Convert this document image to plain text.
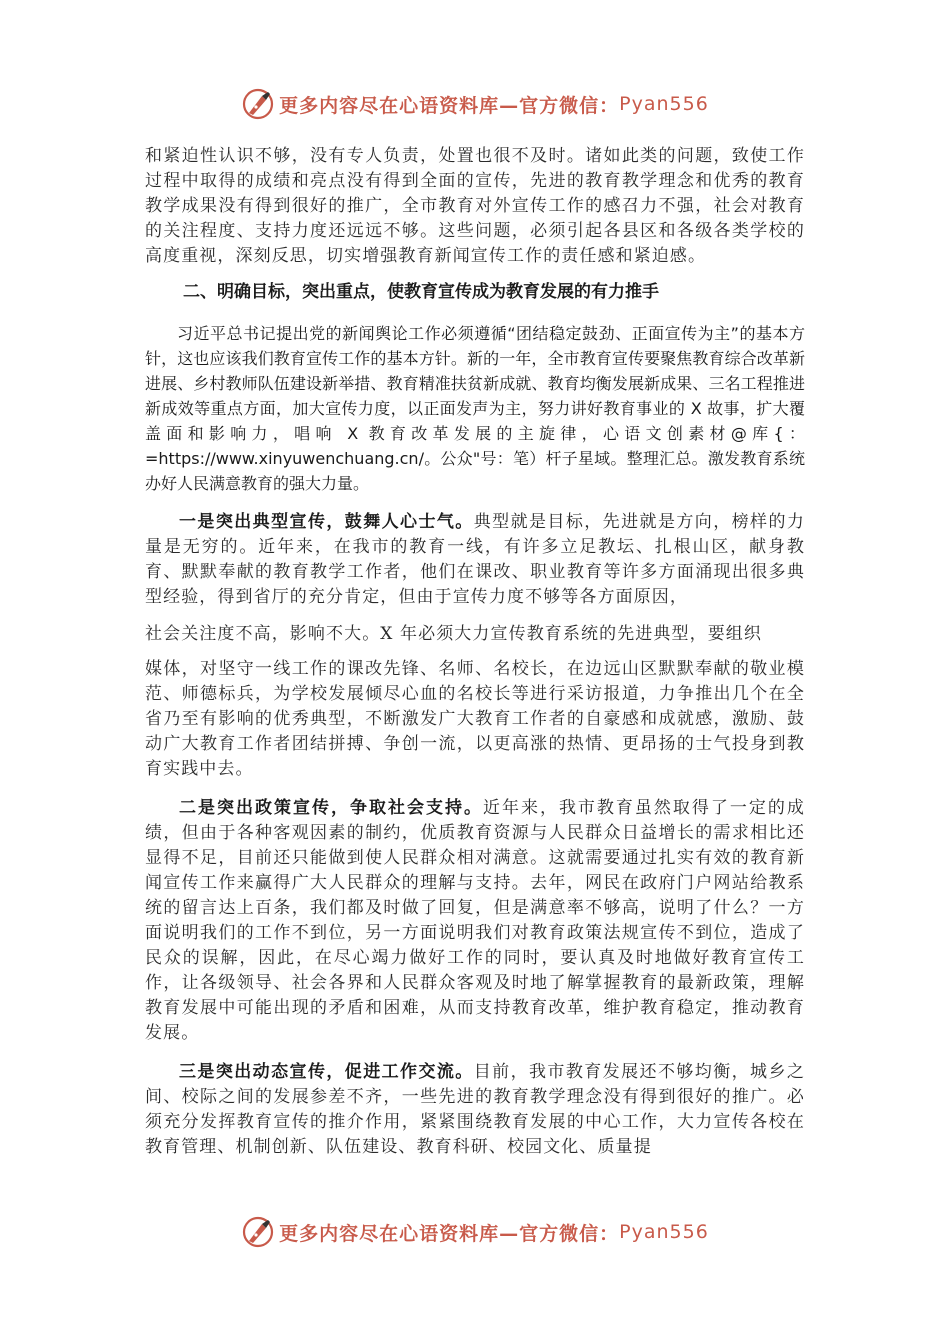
更多内容尽在心语资料库—官方微信： Pyan556

和紧迫性认识不够，没有专人负责，处置也很不及时。诸如此类的问题，致使工作过程中取得的成绩和亮点没有得到全面的宣传，先进的教育教学理念和优秀的教育教学成果没有得到很好的推广，全市教育对外宣传工作的感召力不强，社会对教育的关注程度、支持力度还远远不够。这些问题，必须引起各县区和各级各类学校的高度重视，深刻反思，切实增强教育新闻宣传工作的责任感和紧迫感。

二、明确目标，突出重点，使教育宣传成为教育发展的有力推手

习近平总书记提出党的新闻舆论工作必须遵循“团结稳定鼓劲、正面宣传为主”的基本方针，这也应该我们教育宣传工作的基本方针。新的一年，全市教育宣传要聚焦教育综合改革新进展、乡村教师队伍建设新举措、教育精准扶贫新成就、教育均衡发展新成果、三名工程推进新成效等重点方面，加大宣传力度，以正面发声为主，努力讲好教育事业的 X 故事，扩大覆盖面和影响力，唱响 X 教育改革发展的主旋律，心语文创素材@库{：=https://www.xinyuwenchuang.cn/。公众"号：笔）杆子星域。整理汇总。激发教育系统办好人民满意教育的强大力量。

一是突出典型宣传，鼓舞人心士气。典型就是目标，先进就是方向，榜样的力量是无穷的。近年来，在我市的教育一线，有许多立足教坛、扎根山区，献身教育、默默奉献的教育教学工作者，他们在课改、职业教育等许多方面涌现出很多典型经验，得到省厅的充分肯定，但由于宣传力度不够等各方面原因，

社会关注度不高，影响不大。X 年必须大力宣传教育系统的先进典型，要组织

媒体，对坚守一线工作的课改先锋、名师、名校长，在边远山区默默奉献的敬业模范、师德标兵，为学校发展倾尽心血的名校长等进行采访报道，力争推出几个在全省乃至有影响的优秀典型，不断激发广大教育工作者的自豪感和成就感，激励、鼓动广大教育工作者团结拼搏、争创一流，以更高涨的热情、更昂扬的士气投身到教育实践中去。

二是突出政策宣传，争取社会支持。近年来，我市教育虽然取得了一定的成绩，但由于各种客观因素的制约，优质教育资源与人民群众日益增长的需求相比还显得不足，目前还只能做到使人民群众相对满意。这就需要通过扎实有效的教育新闻宣传工作来赢得广大人民群众的理解与支持。去年，网民在政府门户网站给教系统的留言达上百条，我们都及时做了回复，但是满意率不够高，说明了什么？一方面说明我们的工作不到位，另一方面说明我们对教育政策法规宣传不到位，造成了民众的误解，因此，在尽心竭力做好工作的同时，要认真及时地做好教育宣传工作，让各级领导、社会各界和人民群众客观及时地了解掌握教育的最新政策，理解教育发展中可能出现的矛盾和困难，从而支持教育改革，维护教育稳定，推动教育发展。

三是突出动态宣传，促进工作交流。目前，我市教育发展还不够均衡，城乡之间、校际之间的发展参差不齐，一些先进的教育教学理念没有得到很好的推广。必须充分发挥教育宣传的推介作用，紧紧围绕教育发展的中心工作，大力宣传各校在教育管理、机制创新、队伍建设、教育科研、校园文化、质量提

更多内容尽在心语资料库—官方微信： Pyan556
